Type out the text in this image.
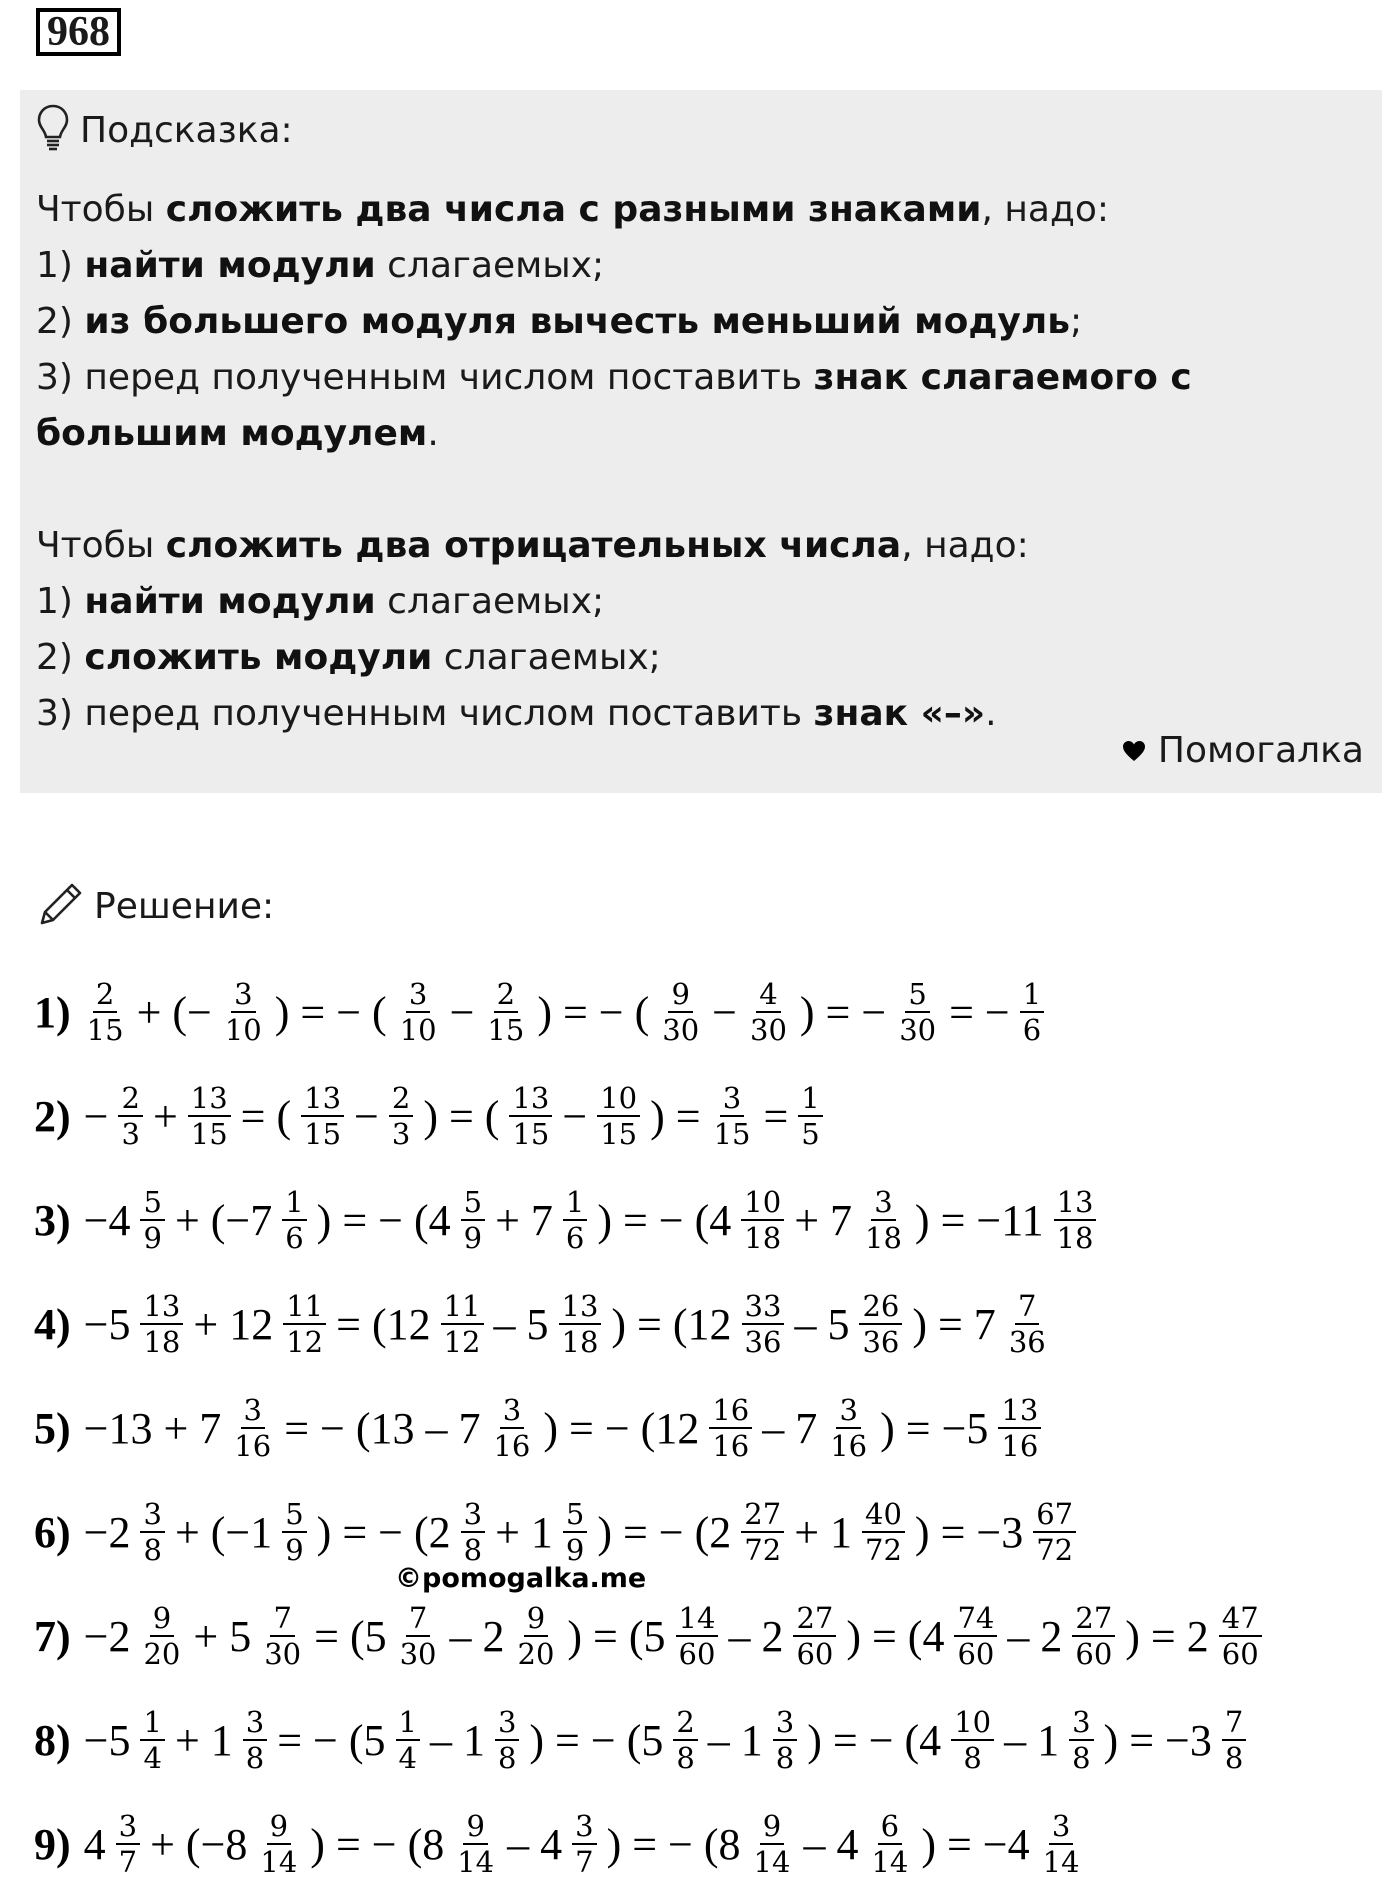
968
Подсказка:

Чтобы сложить два числа с разными знаками, надо:

1) найти модули слагаемых;

2) из большего модуля вычесть меньший модуль;

3) перед полученным числом поставить знак слагаемого с большим модулем.

Чтобы сложить два отрицательных числа, надо:

1) найти модули слагаемых;

2) сложить модули слагаемых;

3) перед полученным числом поставить знак «–».

Помогалка
Решение:
$1) \frac{2}{15}$ + (− $\frac{3}{10}$ ) = − ( $\frac{3}{10} - \frac{2}{15}$ ) = − ( $\frac{9}{30} - \frac{4}{30}$ ) = − $\frac{5}{30}$ = − $\frac{1}{6}$
$2) - \frac{2}{3} + \frac{13}{15}$ = ( $\frac{13}{15} - \frac{2}{3}$ ) = ( $\frac{13}{15} - \frac{10}{15}$ ) = $\frac{3}{15} = \frac{1}{5}$
$3) -4 \frac{5}{9} + (-7 \frac{1}{6}$ ) = − ($4 \frac{5}{9} + 7 \frac{1}{6}$ ) = − ($4 \frac{10}{18} + 7 \frac{3}{18}$ ) = $-11 \frac{13}{18}$
$4) -5 \frac{13}{18} + 12 \frac{11}{12} = (12 \frac{11}{12} - 5 \frac{13}{18}$ ) = ($12 \frac{33}{36} - 5 \frac{26}{36}$ ) = $7 \frac{7}{36}$
$5) -13 + 7 \frac{3}{16}$ = − ($13 - 7 \frac{3}{16}$ ) = − ($12 \frac{16}{16} - 7 \frac{3}{16}$ ) = $-5 \frac{13}{16}$
$6) -2 \frac{3}{8} + (-1 \frac{5}{9}$ ) = − ($2 \frac{3}{8} + 1 \frac{5}{9}$ ) = − ($2 \frac{27}{72} + 1 \frac{40}{72}$ ) = $-3 \frac{67}{72}$
$7) -2 \frac{9}{20} + 5 \frac{7}{30} = (5 \frac{7}{30} - 2 \frac{9}{20}$ ) = ($5 \frac{14}{60} - 2 \frac{27}{60}$ ) = ($4 \frac{74}{60} - 2 \frac{27}{60}$ ) = $2 \frac{47}{60}$
$8) -5 \frac{1}{4} + 1 \frac{3}{8}$ = − ($5 \frac{1}{4} - 1 \frac{3}{8}$ ) = − ($5 \frac{2}{8} - 1 \frac{3}{8}$ ) = − ($4 \frac{10}{8} - 1 \frac{3}{8}$ ) = $-3 \frac{7}{8}$
9) $4 \frac{3}{7} + (-8 \frac{9}{14}$ ) = − ($8 \frac{9}{14} - 4 \frac{3}{7}$ ) = − ($8 \frac{9}{14} - 4 \frac{6}{14}$ ) = $-4 \frac{3}{14}$
©pomogalka.me
